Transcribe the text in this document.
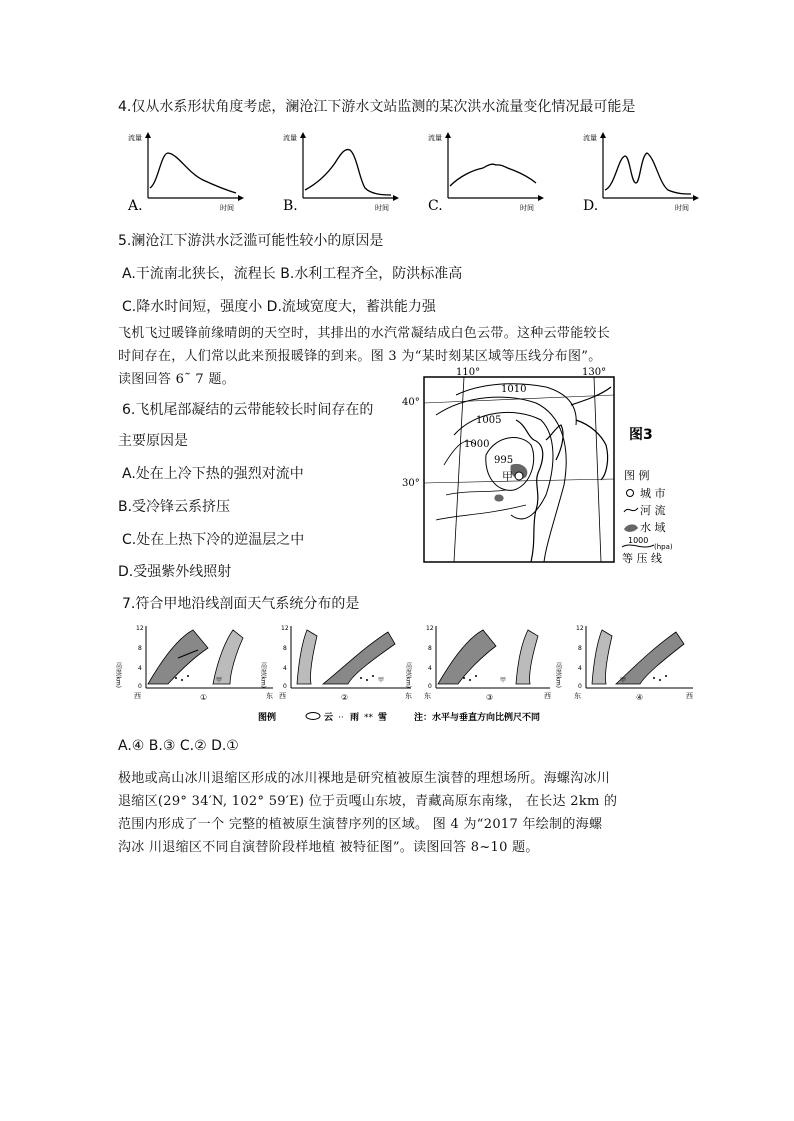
4.仅从水系形状角度考虑，澜沧江下游水文站监测的某次洪水流量变化情况最可能是
流量
时间
A.
流量
时间
B.
流量
时间
C.
流量
时间
D.
5.澜沧江下游洪水泛滥可能性较小的原因是
A.干流南北狭长，流程长 B.水利工程齐全，防洪标准高
C.降水时间短，强度小 D.流域宽度大，蓄洪能力强
飞机飞过暖锋前缘晴朗的天空时，其排出的水汽常凝结成白色云带。这种云带能较长
时间存在，人们常以此来预报暖锋的到来。图 3 为“某时刻某区域等压线分布图”。
读图回答 6˜ 7 题。
6.飞机尾部凝结的云带能较长时间存在的
主要原因是
A.处在上冷下热的强烈对流中
B.受冷锋云系挤压
C.处在上热下冷的逆温层之中
D.受强紫外线照射
110°	130°
40°
30°
1010
1005
1000
995
甲
图3
图 例
城 市
河 流
水 域
1000
(hpa)
等 压 线
7.符合甲地沿线剖面天气系统分布的是
高度(km)
12
8
4
0
甲
西	东
①
高度(km)
12
8
4
0
甲
西	东
②
高度(km)
12
8
4
0
甲
东	西
③
高度(km)
12
8
4
0
甲
东	西
④
图例	云 ·· 雨 ** 雪	注：水平与垂直方向比例尺不同
A.④ B.③ C.② D.①
极地或高山冰川退缩区形成的冰川裸地是研究植被原生演替的理想场所。海螺沟冰川
退缩区(29° 34′N, 102° 59′E) 位于贡嘎山东坡，青藏高原东南缘， 在长达 2km 的
范围内形成了一个 完整的植被原生演替序列的区域。 图 4 为“2017 年绘制的海螺
沟冰 川退缩区不同自演替阶段样地植 被特征图”。读图回答 8~10 题。
